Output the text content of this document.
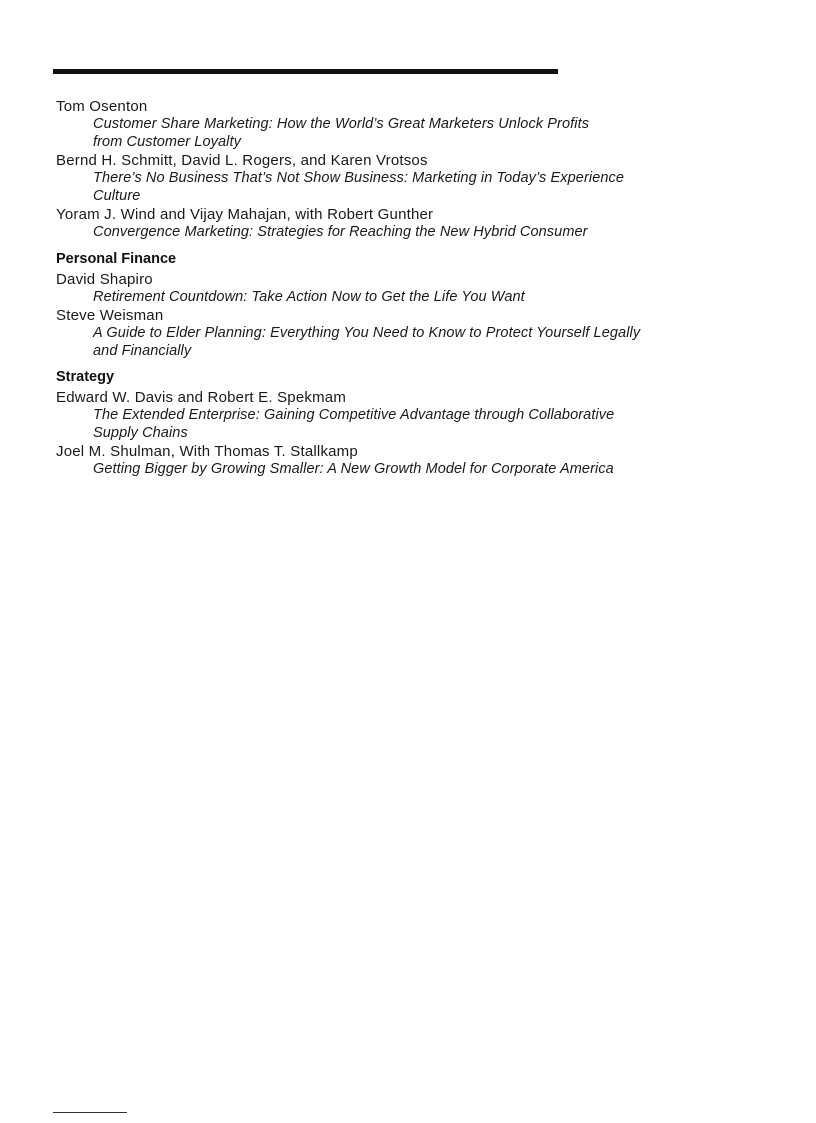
Tom Osenton
Customer Share Marketing: How the World’s Great Marketers Unlock Profits
from Customer Loyalty
Bernd H. Schmitt, David L. Rogers, and Karen Vrotsos
There’s No Business That’s Not Show Business: Marketing in Today’s Experience
Culture
Yoram J. Wind and Vijay Mahajan, with Robert Gunther
Convergence Marketing: Strategies for Reaching the New Hybrid Consumer
Personal Finance
David Shapiro
Retirement Countdown: Take Action Now to Get the Life You Want
Steve Weisman
A Guide to Elder Planning: Everything You Need to Know to Protect Yourself Legally
and Financially
Strategy
Edward W. Davis and Robert E. Spekmam
The Extended Enterprise: Gaining Competitive Advantage through Collaborative
Supply Chains
Joel M. Shulman, With Thomas T. Stallkamp
Getting Bigger by Growing Smaller: A New Growth Model for Corporate America
